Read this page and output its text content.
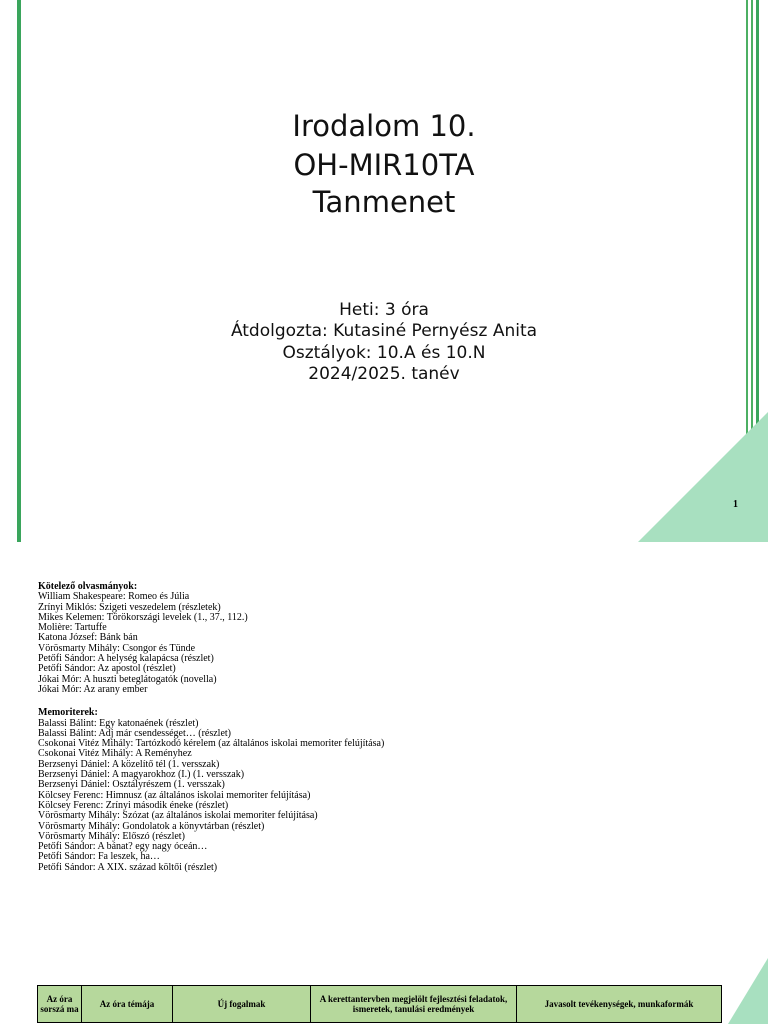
Irodalom 10.
OH-MIR10TA
Tanmenet
Heti: 3 óra
Átdolgozta: Kutasiné Pernyész Anita
Osztályok: 10.A és 10.N
2024/2025. tanév
1
Kötelező olvasmányok:
William Shakespeare: Romeo és Júlia
Zrínyi Miklós: Szigeti veszedelem (részletek)
Mikes Kelemen: Törökországi levelek (1., 37., 112.)
Molière: Tartuffe
Katona József: Bánk bán
Vörösmarty Mihály: Csongor és Tünde
Petőfi Sándor: A helység kalapácsa (részlet)
Petőfi Sándor: Az apostol (részlet)
Jókai Mór: A huszti beteglátogatók (novella)
Jókai Mór: Az arany ember
Memoriterek:
Balassi Bálint: Egy katonaének (részlet)
Balassi Bálint: Adj már csendességet… (részlet)
Csokonai Vitéz Mihály: Tartózkodó kérelem (az általános iskolai memoriter felújítása)
Csokonai Vitéz Mihály: A Reményhez
Berzsenyi Dániel: A közelítő tél (1. versszak)
Berzsenyi Dániel: A magyarokhoz (I.) (1. versszak)
Berzsenyi Dániel: Osztályrészem (1. versszak)
Kölcsey Ferenc: Himnusz (az általános iskolai memoriter felújítása)
Kölcsey Ferenc: Zrínyi második éneke (részlet)
Vörösmarty Mihály: Szózat (az általános iskolai memoriter felújítása)
Vörösmarty Mihály: Gondolatok a könyvtárban (részlet)
Vörösmarty Mihály: Előszó (részlet)
Petőfi Sándor: A bánat? egy nagy óceán…
Petőfi Sándor: Fa leszek, ha…
Petőfi Sándor: A XIX. század költői (részlet)
Az óra sorszá ma	Az óra témája	Új fogalmak	A kerettantervben megjelölt fejlesztési feladatok, ismeretek, tanulási eredmények	Javasolt tevékenységek, munkaformák
